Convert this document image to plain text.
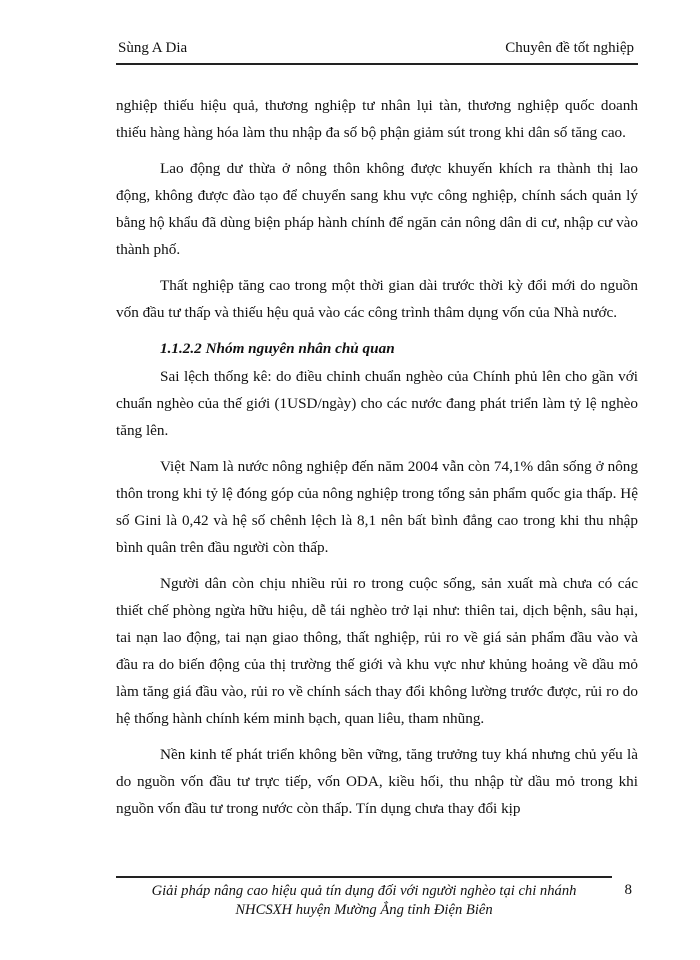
Sùng A Dia	Chuyên đề tốt nghiệp

nghiệp thiếu hiệu quả, thương nghiệp tư nhân lụi tàn, thương nghiệp quốc doanh thiếu hàng hàng hóa làm thu nhập đa số bộ phận giảm sút trong khi dân số tăng cao.

Lao động dư thừa ở nông thôn không được khuyến khích ra thành thị lao động, không được đào tạo để chuyển sang khu vực công nghiệp, chính sách quản lý bằng hộ khẩu đã dùng biện pháp hành chính để ngăn cản nông dân di cư, nhập cư vào thành phố.

Thất nghiệp tăng cao trong một thời gian dài trước thời kỳ đổi mới do nguồn vốn đầu tư thấp và thiếu hệu quả vào các công trình thâm dụng vốn của Nhà nước.

1.1.2.2 Nhóm nguyên nhân chủ quan

Sai lệch thống kê: do điều chỉnh chuẩn nghèo của Chính phủ lên cho gần với chuẩn nghèo của thế giới (1USD/ngày) cho các nước đang phát triển làm tỷ lệ nghèo tăng lên.

Việt Nam là nước nông nghiệp đến năm 2004 vẫn còn 74,1% dân sống ở nông thôn trong khi tỷ lệ đóng góp của nông nghiệp trong tổng sản phẩm quốc gia thấp. Hệ số Gini là 0,42 và hệ số chênh lệch là 8,1 nên bất bình đẳng cao trong khi thu nhập bình quân trên đầu người còn thấp.

Người dân còn chịu nhiều rủi ro trong cuộc sống, sản xuất mà chưa có các thiết chế phòng ngừa hữu hiệu, dễ tái nghèo trở lại như: thiên tai, dịch bệnh, sâu hại, tai nạn lao động, tai nạn giao thông, thất nghiệp, rủi ro về giá sản phẩm đầu vào và đầu ra do biến động của thị trường thế giới và khu vực như khủng hoảng về dầu mỏ làm tăng giá đầu vào, rủi ro về chính sách thay đổi không lường trước được, rủi ro do hệ thống hành chính kém minh bạch, quan liêu, tham nhũng.

Nền kinh tế phát triển không bền vững, tăng trưởng tuy khá nhưng chủ yếu là do nguồn vốn đầu tư trực tiếp, vốn ODA, kiều hối, thu nhập từ dầu mỏ trong khi nguồn vốn đầu tư trong nước còn thấp. Tín dụng chưa thay đổi kịp

Giải pháp nâng cao hiệu quả tín dụng đối với người nghèo tại chi nhánh
NHCSXH huyện Mường Ẳng tỉnh Điện Biên
8
